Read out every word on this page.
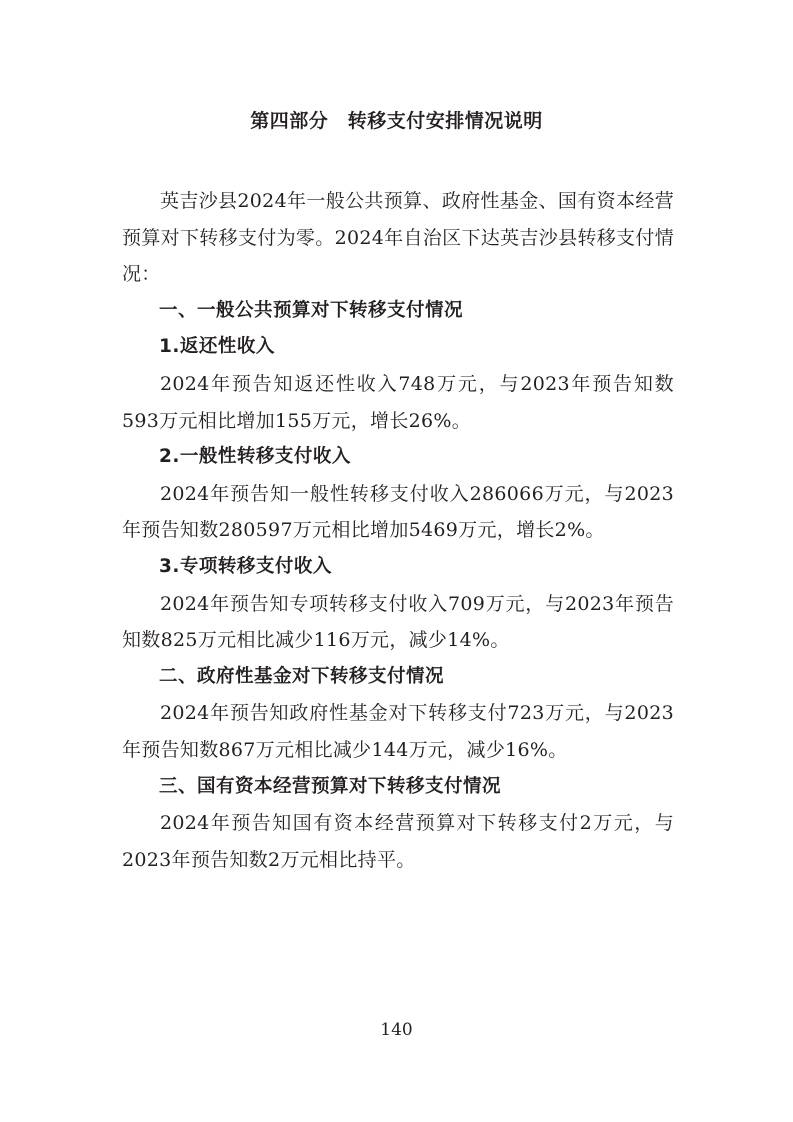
第四部分　转移支付安排情况说明

英吉沙县2024年一般公共预算、政府性基金、国有资本经营预算对下转移支付为零。2024年自治区下达英吉沙县转移支付情况：

一、一般公共预算对下转移支付情况

1.返还性收入

2024年预告知返还性收入748万元，与2023年预告知数593万元相比增加155万元，增长26%。

2.一般性转移支付收入

2024年预告知一般性转移支付收入286066万元，与2023年预告知数280597万元相比增加5469万元，增长2%。

3.专项转移支付收入

2024年预告知专项转移支付收入709万元，与2023年预告知数825万元相比减少116万元，减少14%。

二、政府性基金对下转移支付情况

2024年预告知政府性基金对下转移支付723万元，与2023年预告知数867万元相比减少144万元，减少16%。

三、国有资本经营预算对下转移支付情况

2024年预告知国有资本经营预算对下转移支付2万元，与2023年预告知数2万元相比持平。

140
